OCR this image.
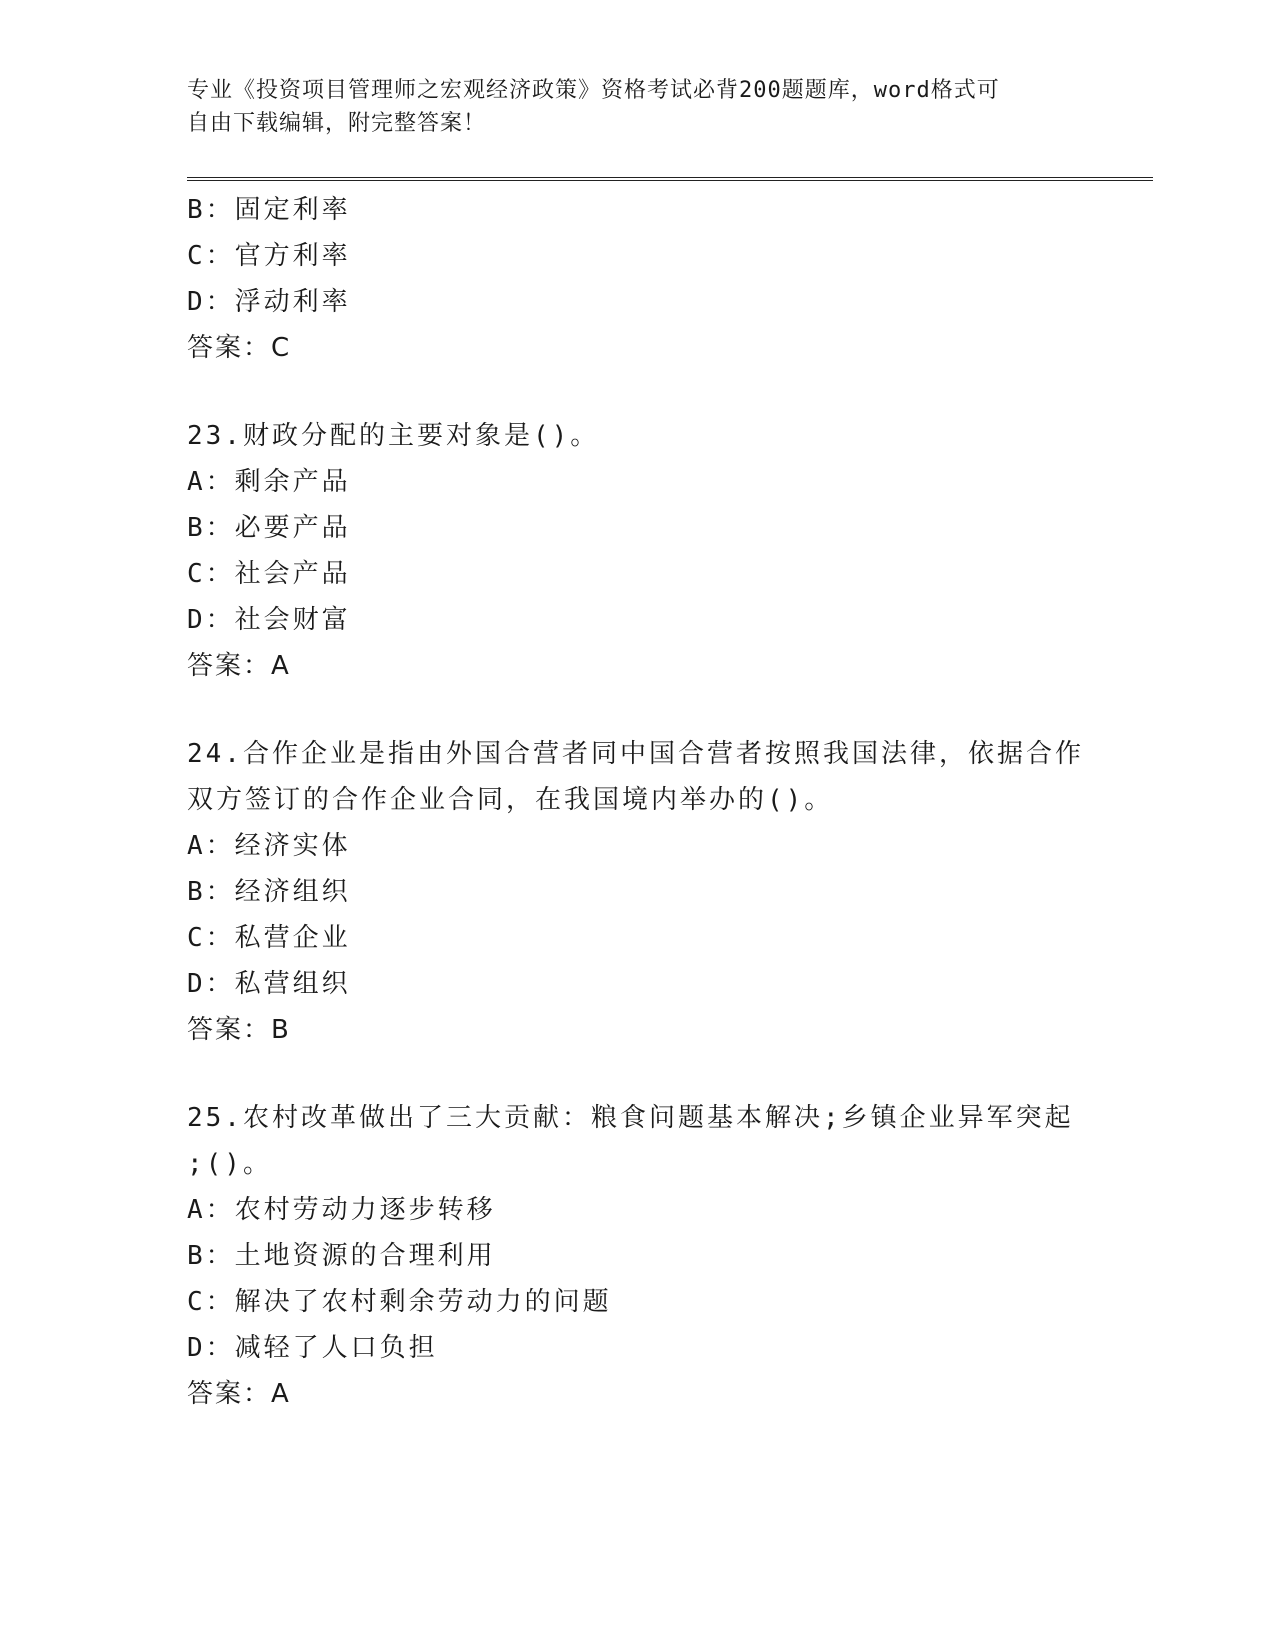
专业《投资项目管理师之宏观经济政策》资格考试必背200题题库，word格式可
自由下载编辑，附完整答案！
B：固定利率
C：官方利率
D：浮动利率
答案：C
23.财政分配的主要对象是()。
A：剩余产品
B：必要产品
C：社会产品
D：社会财富
答案：A
24.合作企业是指由外国合营者同中国合营者按照我国法律，依据合作
双方签订的合作企业合同，在我国境内举办的()。
A：经济实体
B：经济组织
C：私营企业
D：私营组织
答案：B
25.农村改革做出了三大贡献：粮食问题基本解决;乡镇企业异军突起
;()。
A：农村劳动力逐步转移
B：土地资源的合理利用
C：解决了农村剩余劳动力的问题
D：减轻了人口负担
答案：A
